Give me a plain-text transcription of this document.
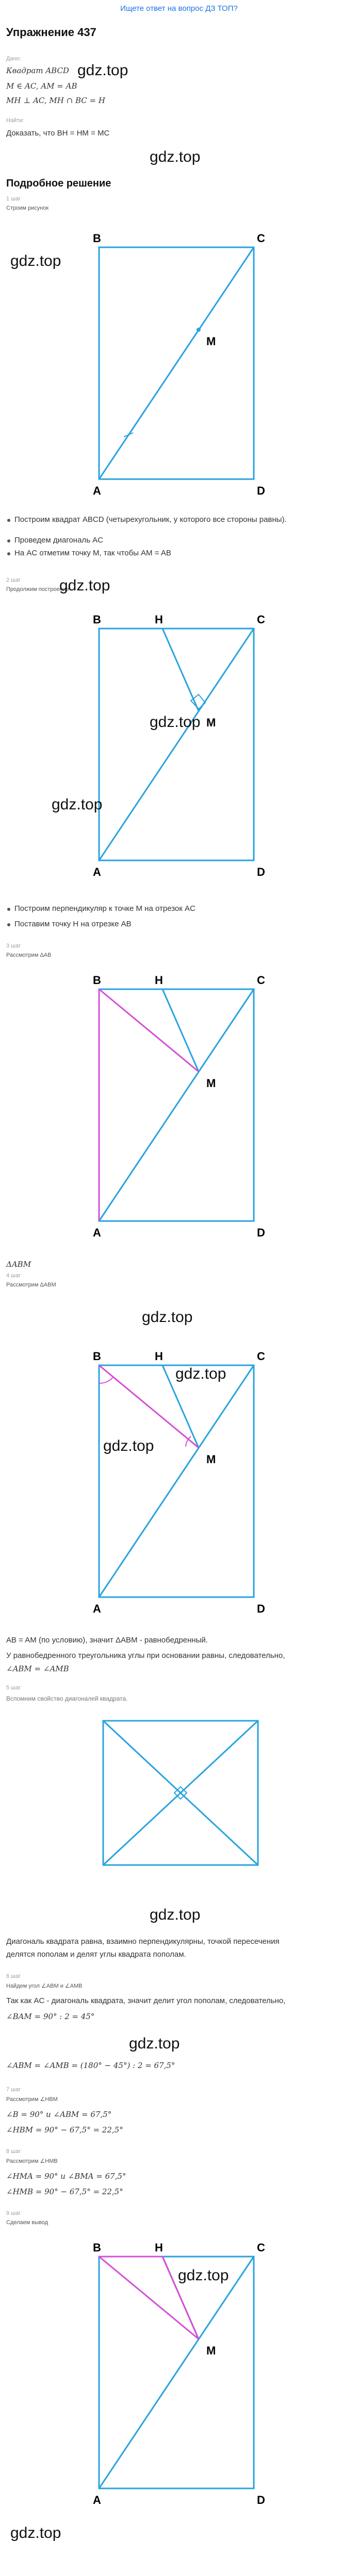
Ищете ответ на вопрос ДЗ ТОП?
Упражнение 437
Дано:
Квадрат ABCD gdz.top
M ∈ AC, AM = AB
MH ⊥ AC, MH ∩ BC = H
Найти:
Доказать, что BH = HM = MC
gdz.top
Подробное решение
1 шаг
Строим рисунок
B	C
A	D
M
gdz.top
Построим квадрат ABCD (четырехугольник, у которого все стороны равны).
Проведем диагональ AC
На AC отметим точку M, так чтобы AM = AB
2 шаг
Продолжим построение
gdz.top
B	H	C
A	D
M
gdz.top
gdz.top
Построим перпендикуляр к точке M на отрезок AC
Поставим точку H на отрезке AB
3 шаг
Рассмотрим ΔAB
B	H	C
A	D
M
ΔABM
4 шаг
Рассмотрим ΔABM
gdz.top
B	H	C
A	D
M
gdz.top
gdz.top
AB = AM (по условию), значит ΔABM - равнобедренный.
У равнобедренного треугольника углы при основании равны, следовательно,
∠ABM = ∠AMB
5 шаг
Вспомним свойство диагоналей квадрата.
gdz.top
Диагональ квадрата равна, взаимно перпендикулярны, точкой пересечения
делятся пополам и делят углы квадрата пополам.
6 шаг
Найдем угол ∠ABM и ∠AMB
Так как AC - диагональ квадрата, значит делит угол пополам, следовательно,
∠BAM = 90° : 2 = 45°
gdz.top
∠ABM = ∠AMB = (180° − 45°) : 2 = 67,5°
7 шаг
Рассмотрим ∠HBM
∠B = 90° и ∠ABM = 67,5°
∠HBM = 90° − 67,5° = 22,5°
8 шаг
Рассмотрим ∠HMB
∠HMA = 90° и ∠BMA = 67,5°
∠HMB = 90° − 67,5° = 22,5°
9 шаг
Сделаем вывод
B	H	C
A	D
M
gdz.top
gdz.top
